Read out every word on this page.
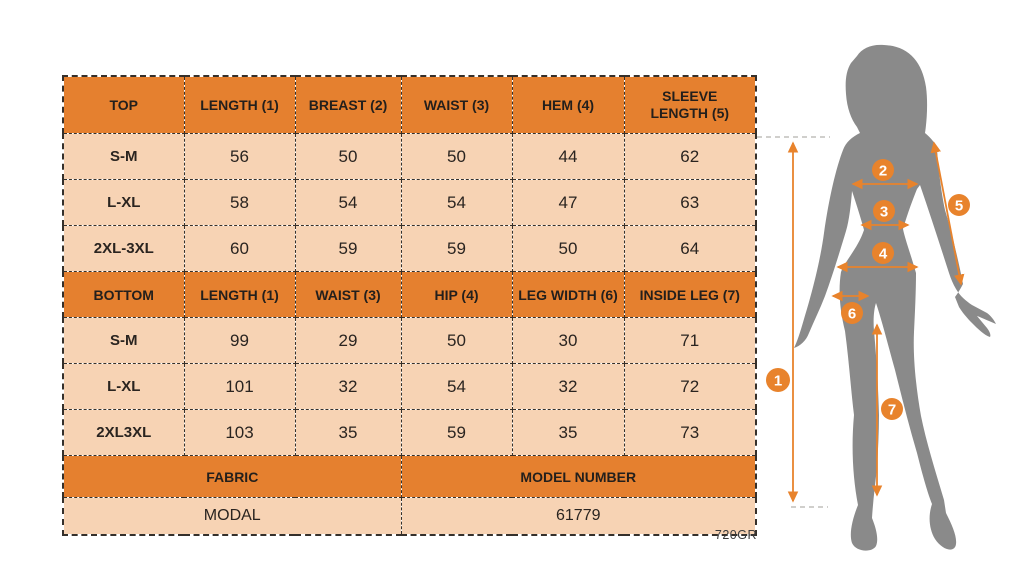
TOP	LENGTH (1)	BREAST (2)	WAIST (3)	HEM (4)	SLEEVE LENGTH (5)
S-M	56	50	50	44	62
L-XL	58	54	54	47	63
2XL-3XL	60	59	59	50	64
BOTTOM	LENGTH (1)	WAIST (3)	HIP (4)	LEG WIDTH (6)	INSIDE LEG (7)
S-M	99	29	50	30	71
L-XL	101	32	54	32	72
2XL3XL	103	35	59	35	73
FABRIC			MODEL NUMBER		
MODAL			61779		
720GR
1
2
3
4
5
6
7
